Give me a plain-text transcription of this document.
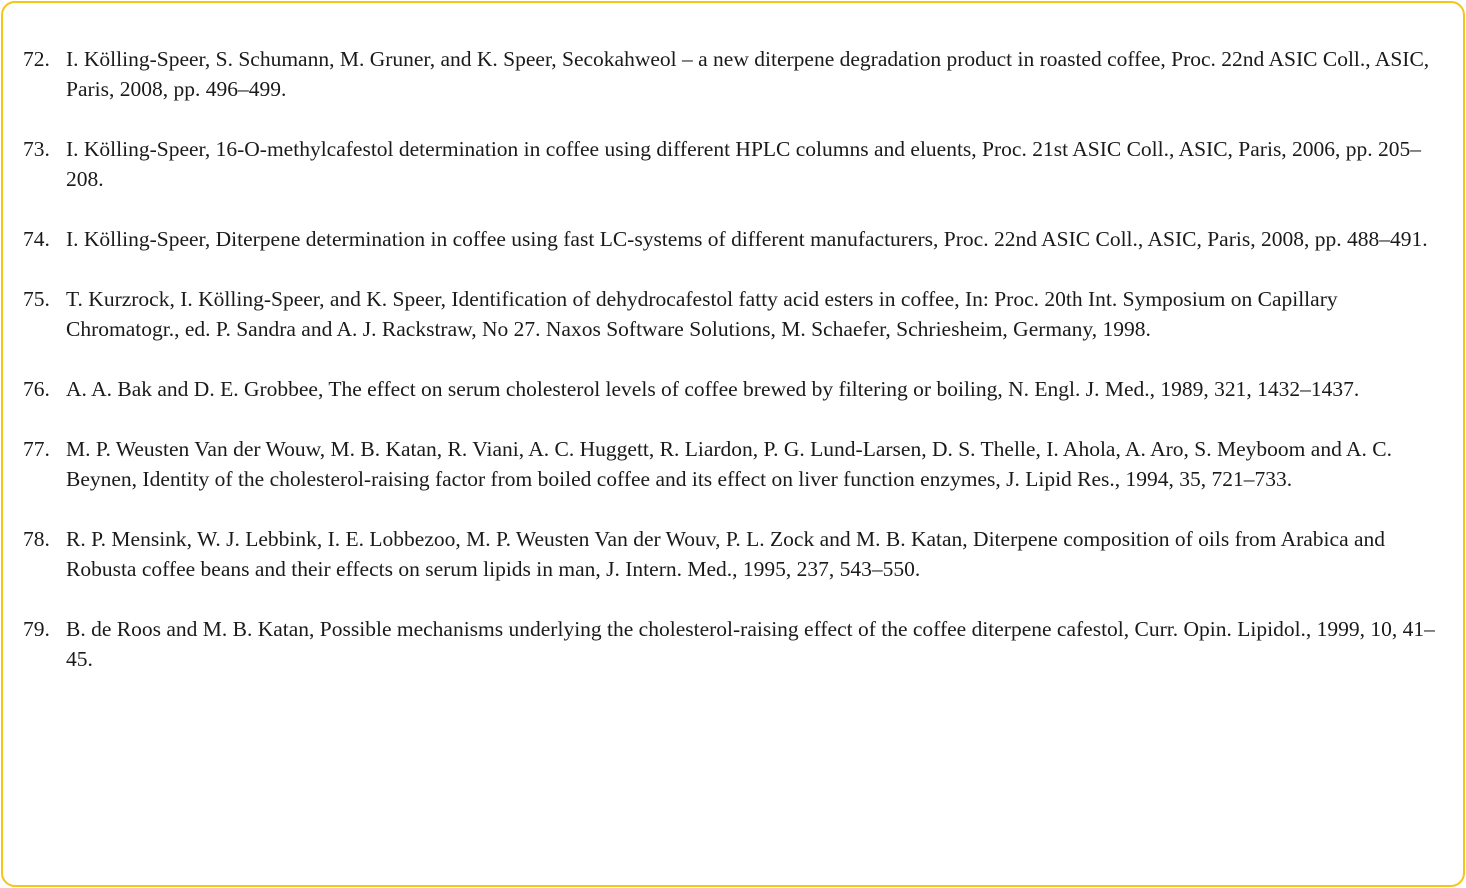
72. I. Kölling-Speer, S. Schumann, M. Gruner, and K. Speer, Secokahweol – a new diterpene degradation product in roasted coffee, Proc. 22nd ASIC Coll., ASIC, Paris, 2008, pp. 496–499.
73. I. Kölling-Speer, 16-O-methylcafestol determination in coffee using different HPLC columns and eluents, Proc. 21st ASIC Coll., ASIC, Paris, 2006, pp. 205–208.
74. I. Kölling-Speer, Diterpene determination in coffee using fast LC-systems of different manufacturers, Proc. 22nd ASIC Coll., ASIC, Paris, 2008, pp. 488–491.
75. T. Kurzrock, I. Kölling-Speer, and K. Speer, Identification of dehydrocafestol fatty acid esters in coffee, In: Proc. 20th Int. Symposium on Capillary Chromatogr., ed. P. Sandra and A. J. Rackstraw, No 27. Naxos Software Solutions, M. Schaefer, Schriesheim, Germany, 1998.
76. A. A. Bak and D. E. Grobbee, The effect on serum cholesterol levels of coffee brewed by filtering or boiling, N. Engl. J. Med., 1989, 321, 1432–1437.
77. M. P. Weusten Van der Wouw, M. B. Katan, R. Viani, A. C. Huggett, R. Liardon, P. G. Lund-Larsen, D. S. Thelle, I. Ahola, A. Aro, S. Meyboom and A. C. Beynen, Identity of the cholesterol-raising factor from boiled coffee and its effect on liver function enzymes, J. Lipid Res., 1994, 35, 721–733.
78. R. P. Mensink, W. J. Lebbink, I. E. Lobbezoo, M. P. Weusten Van der Wouv, P. L. Zock and M. B. Katan, Diterpene composition of oils from Arabica and Robusta coffee beans and their effects on serum lipids in man, J. Intern. Med., 1995, 237, 543–550.
79. B. de Roos and M. B. Katan, Possible mechanisms underlying the cholesterol-raising effect of the coffee diterpene cafestol, Curr. Opin. Lipidol., 1999, 10, 41–45.
